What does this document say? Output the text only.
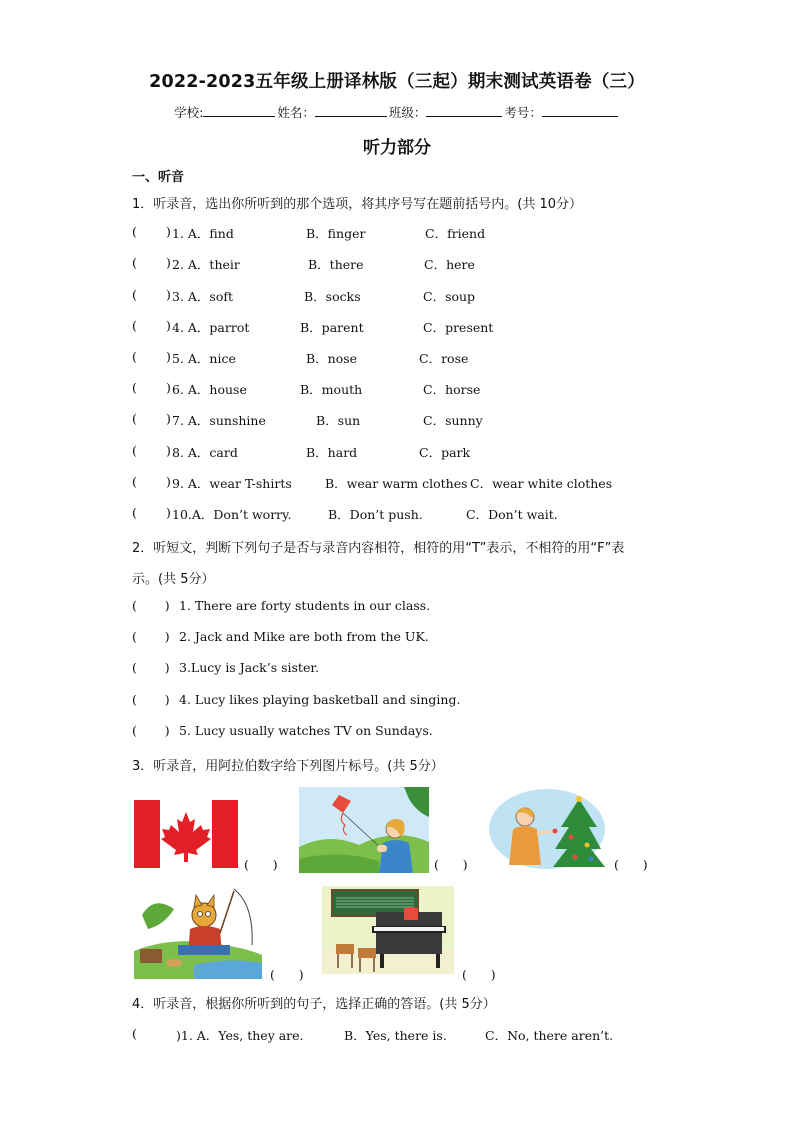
2022-2023五年级上册译林版（三起）期末测试英语卷（三）
学校:	姓名：	班级：	考号：
听力部分
一、听音
1．听录音，选出你所听到的那个选项，将其序号写在题前括号内。(共 10分）
(	1. A．find	B．finger	C．friend
)
(	2. A．their	B．there	C．here
)
(	3. A．soft	B．socks	C．soup
)
(	4. A．parrot	B．parent	C．present
)
(	5. A．nice	B．nose	C．rose
)
(	6. A．house	B．mouth	C．horse
)
(	7. A．sunshine	B．sun	C．sunny
)
(	8. A．card	B．hard	C．park
)
(	9. A．wear T-shirts	B．wear warm clothes C．wear white clothes
)
(	10.A．Don’t worry.	B．Don’t push.	C．Don’t wait.
)
2．听短文，判断下列句子是否与录音内容相符，相符的用“T”表示，不相符的用“F”表
示。(共 5分）
( ) 1. There are forty students in our class.
( ) 2. Jack and Mike are both from the UK.
( ) 3.Lucy is Jack’s sister.
( ) 4. Lucy likes playing basketball and singing.
( ) 5. Lucy usually watches TV on Sundays.
3．听录音，用阿拉伯数字给下列图片标号。(共 5分）
( )	( )	( )
( )	( )
4．听录音，根据你所听到的句子，选择正确的答语。(共 5分）
(	)1. A．Yes, they are.	B．Yes, there is.	C．No, there aren’t.
